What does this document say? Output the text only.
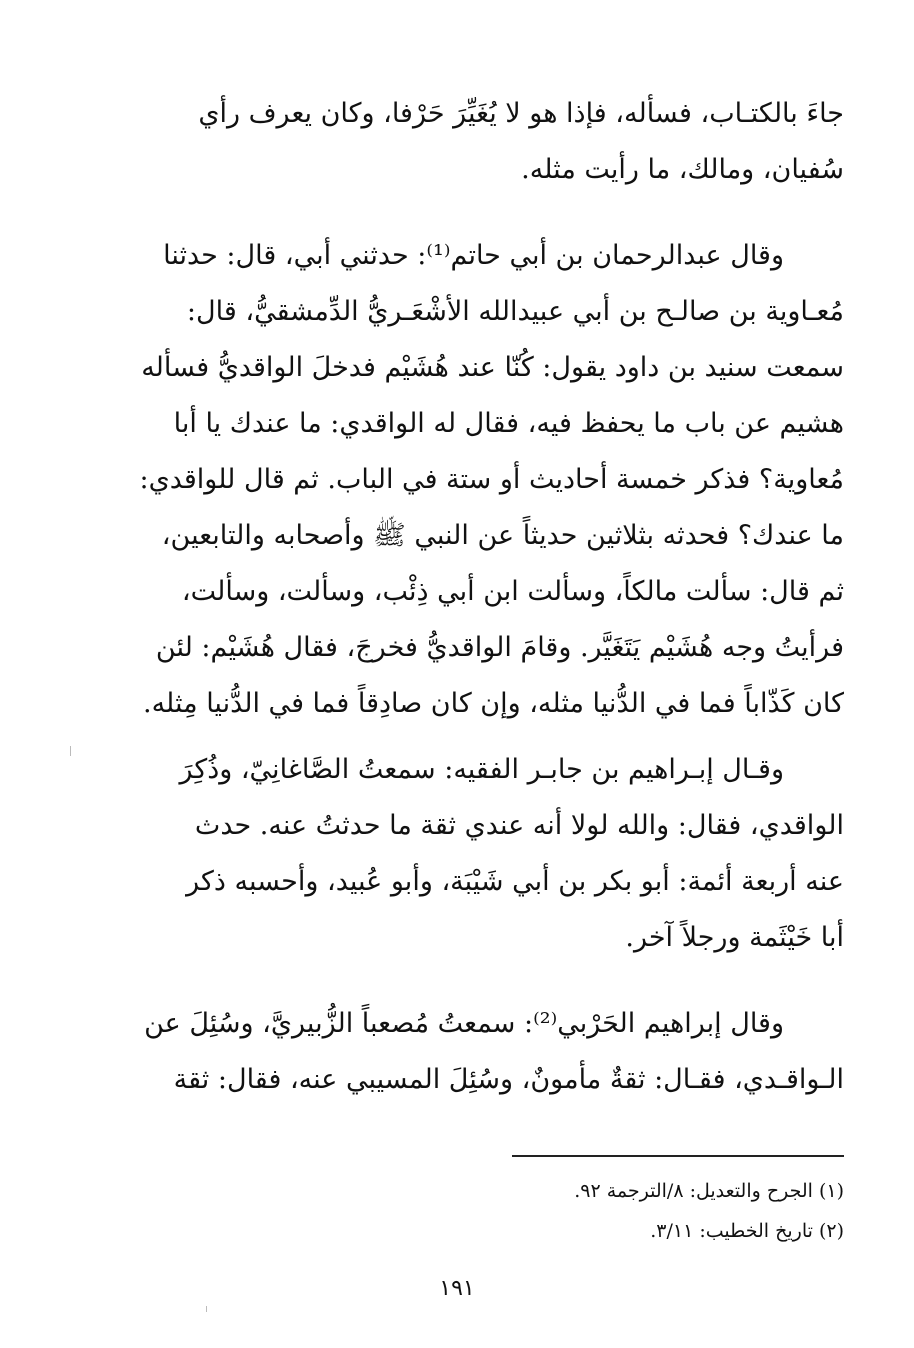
جاءَ بالكتـاب، فسأله، فإذا هو لا يُغَيِّرَ حَرْفا، وكان يعرف رأي
سُفيان، ومالك، ما رأيت مثله.

وقال عبدالرحمان بن أبي حاتم⁽¹⁾: حدثني أبي، قال: حدثنا
مُعـاوية بن صالـح بن أبي عبيدالله الأشْعَـريُّ الدِّمشقيُّ، قال:
سمعت سنيد بن داود يقول: كُنّا عند هُشَيْم فدخلَ الواقديُّ فسأله
هشيم عن باب ما يحفظ فيه، فقال له الواقدي: ما عندك يا أبا
مُعاوية؟ فذكر خمسة أحاديث أو ستة في الباب. ثم قال للواقدي:
ما عندك؟ فحدثه بثلاثين حديثاً عن النبي ﷺ وأصحابه والتابعين،
ثم قال: سألت مالكاً، وسألت ابن أبي ذِئْب، وسألت، وسألت،
فرأيتُ وجه هُشَيْم يَتَغَيَّر. وقامَ الواقديُّ فخرجَ، فقال هُشَيْم: لئن
كان كَذّاباً فما في الدُّنيا مثله، وإن كان صادِقاً فما في الدُّنيا مِثله.

وقـال إبـراهيم بن جابـر الفقيه: سمعتُ الصَّاغانِيّ، وذُكِرَ
الواقدي، فقال: والله لولا أنه عندي ثقة ما حدثتُ عنه. حدث
عنه أربعة أئمة: أبو بكر بن أبي شَيْبَة، وأبو عُبيد، وأحسبه ذكر
أبا خَيْثَمة ورجلاً آخر.

وقال إبراهيم الحَرْبي⁽²⁾: سمعتُ مُصعباً الزُّبيريَّ، وسُئِلَ عن
الـواقـدي، فقـال: ثقةٌ مأمونٌ، وسُئِلَ المسيبي عنه، فقال: ثقة

(١) الجرح والتعديل: ٨/الترجمة ٩٢.
(٢) تاريخ الخطيب: ٣/١١.
١٩١
